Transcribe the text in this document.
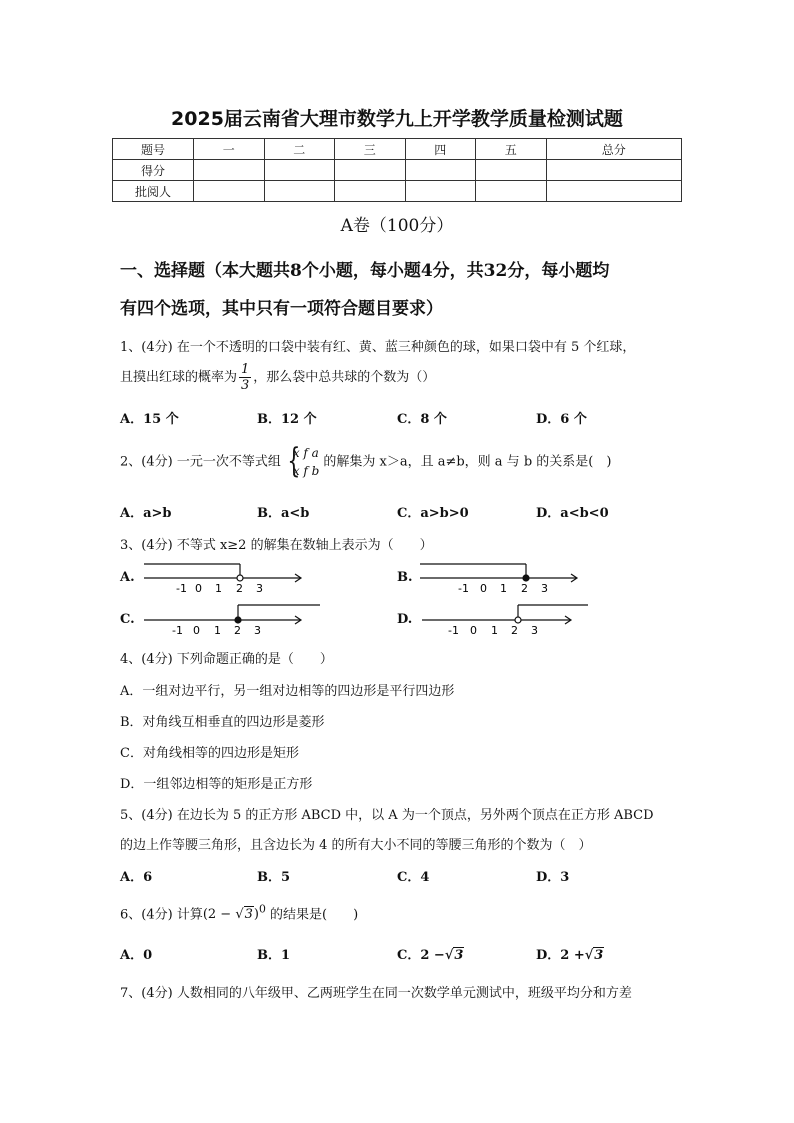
2025届云南省大理市数学九上开学教学质量检测试题
题号	一	二	三	四	五	总分
得分						
批阅人						
A卷（100分）
一、选择题（本大题共8个小题，每小题4分，共32分，每小题均
有四个选项，其中只有一项符合题目要求）
1、(4分) 在一个不透明的口袋中装有红、黄、蓝三种颜色的球，如果口袋中有 5 个红球，
且摸出红球的概率为 $\frac{1}{3}$ ，那么袋中总共球的个数为（）
A．15 个	B．12 个	C．8 个	D．6 个
2、(4分) 一元一次不等式组 {
x f a
x f b
的解集为 x＞a，且 a≠b，则 a 与 b 的关系是(　)
A．a>b	B．a<b	C．a>b>0	D．a<b<0
3、(4分) 不等式 x≥2 的解集在数轴上表示为（　　）
A.
-1 0 1 2 3
B.
-1 0 1 2 3
C.
-1 0 1 2 3
D.
-1 0 1 2 3
4、(4分) 下列命题正确的是（　　）
A．一组对边平行，另一组对边相等的四边形是平行四边形
B．对角线互相垂直的四边形是菱形
C．对角线相等的四边形是矩形
D．一组邻边相等的矩形是正方形
5、(4分) 在边长为 5 的正方形 ABCD 中，以 A 为一个顶点，另外两个顶点在正方形 ABCD
的边上作等腰三角形，且含边长为 4 的所有大小不同的等腰三角形的个数为（　）
A．6	B．5	C．4	D．3
6、(4分) 计算$(2 - √3)^0$ 的结果是(　　)
A．0	B．1	C．2 −√3	D．2 +√3
7、(4分) 人数相同的八年级甲、乙两班学生在同一次数学单元测试中，班级平均分和方差
